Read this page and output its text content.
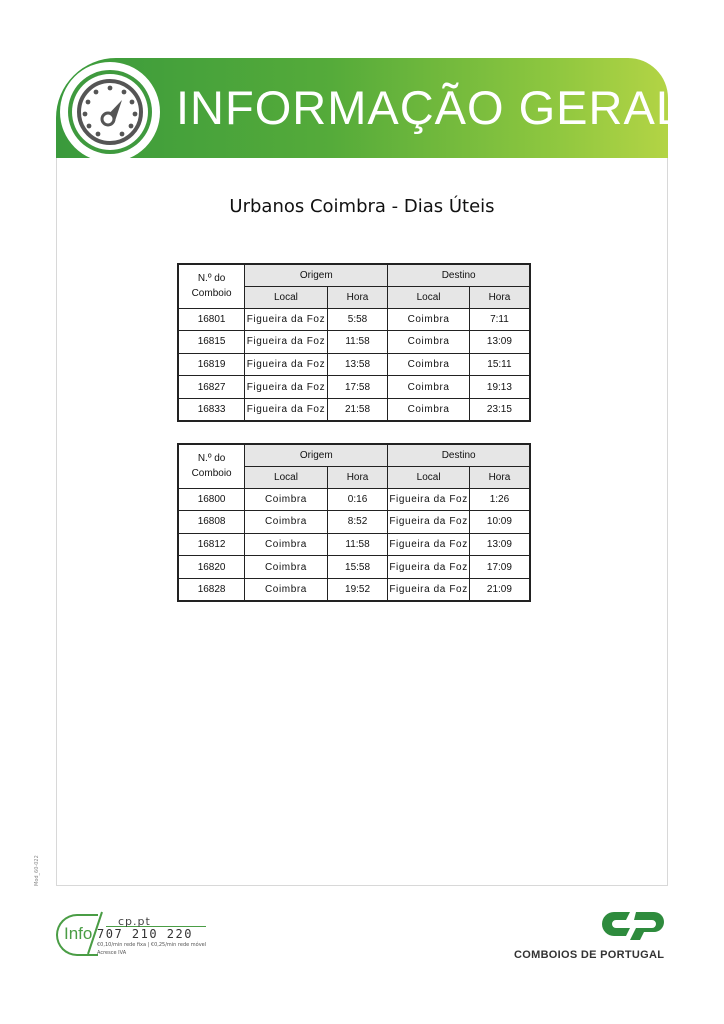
INFORMAÇÃO GERAL
Urbanos Coimbra - Dias Úteis
N.º do Comboio	Origem		Destino	
	Local	Hora	Local	Hora
16801	Figueira da Foz	5:58	Coimbra	7:11
16815	Figueira da Foz	11:58	Coimbra	13:09
16819	Figueira da Foz	13:58	Coimbra	15:11
16827	Figueira da Foz	17:58	Coimbra	19:13
16833	Figueira da Foz	21:58	Coimbra	23:15
N.º do Comboio	Origem		Destino	
	Local	Hora	Local	Hora
16800	Coimbra	0:16	Figueira da Foz	1:26
16808	Coimbra	8:52	Figueira da Foz	10:09
16812	Coimbra	11:58	Figueira da Foz	13:09
16820	Coimbra	15:58	Figueira da Foz	17:09
16828	Coimbra	19:52	Figueira da Foz	21:09
Mod_60-022
Info
cp.pt
707 210 220
€0,10/min rede fixa | €0,25/min rede móvel
Acresce IVA	COMBOIOS DE PORTUGAL
